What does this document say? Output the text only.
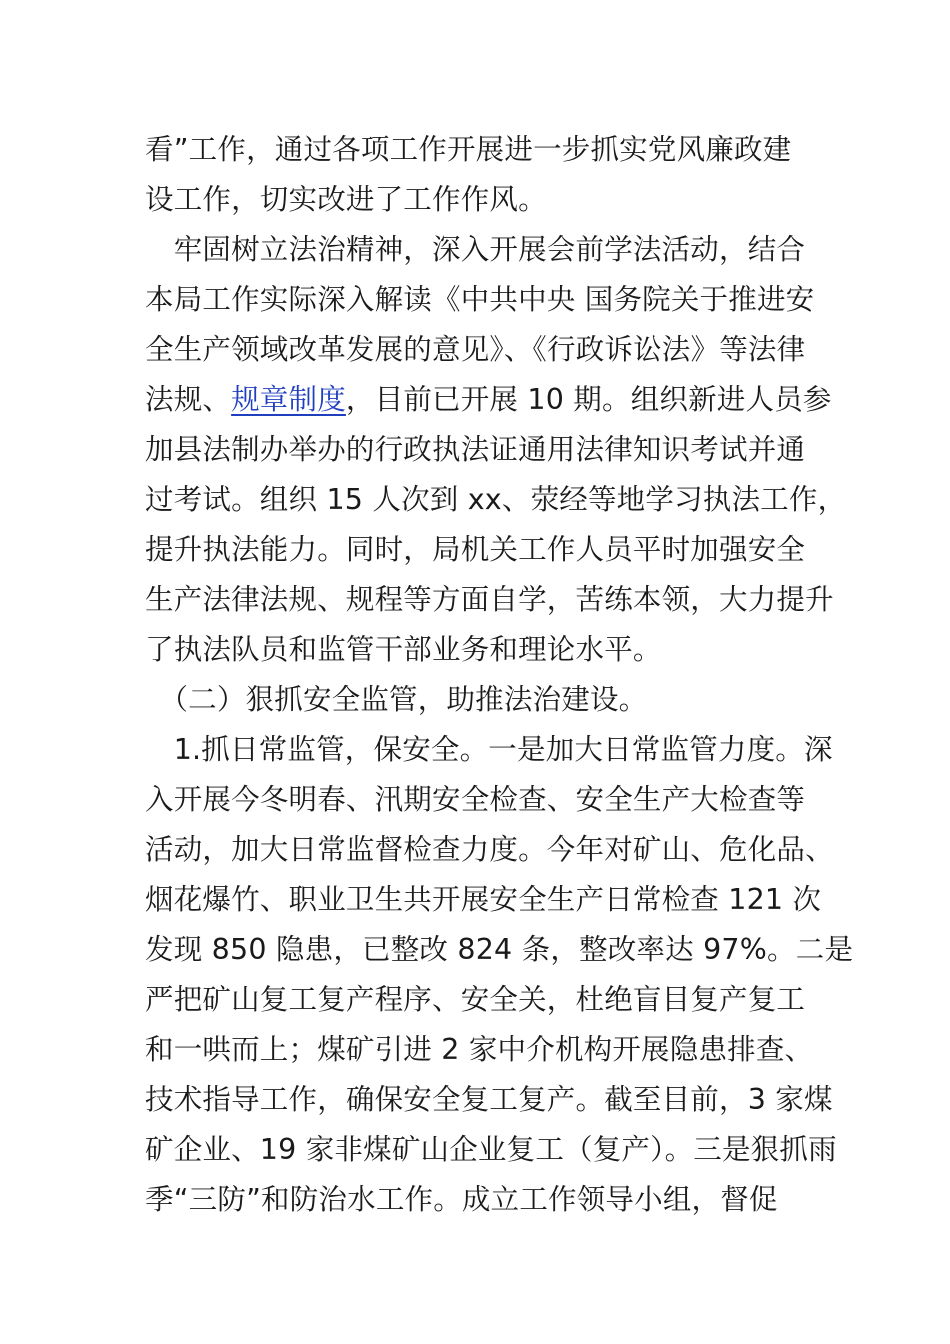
看”工作，通过各项工作开展进一步抓实党风廉政建
设工作，切实改进了工作作风。
　牢固树立法治精神，深入开展会前学法活动，结合
本局工作实际深入解读《中共中央 国务院关于推进安
全生产领域改革发展的意见》、《行政诉讼法》等法律
法规、规章制度，目前已开展 10 期。组织新进人员参
加县法制办举办的行政执法证通用法律知识考试并通
过考试。组织 15 人次到 xx、荥经等地学习执法工作，
提升执法能力。同时，局机关工作人员平时加强安全
生产法律法规、规程等方面自学，苦练本领，大力提升
了执法队员和监管干部业务和理论水平。
　（二）狠抓安全监管，助推法治建设。
　1.抓日常监管，保安全。一是加大日常监管力度。深
入开展今冬明春、汛期安全检查、安全生产大检查等
活动，加大日常监督检查力度。今年对矿山、危化品、
烟花爆竹、职业卫生共开展安全生产日常检查 121 次
发现 850 隐患，已整改 824 条，整改率达 97%。二是
严把矿山复工复产程序、安全关，杜绝盲目复产复工
和一哄而上；煤矿引进 2 家中介机构开展隐患排查、
技术指导工作，确保安全复工复产。截至目前，3 家煤
矿企业、19 家非煤矿山企业复工（复产）。三是狠抓雨
季“三防”和防治水工作。成立工作领导小组，督促
